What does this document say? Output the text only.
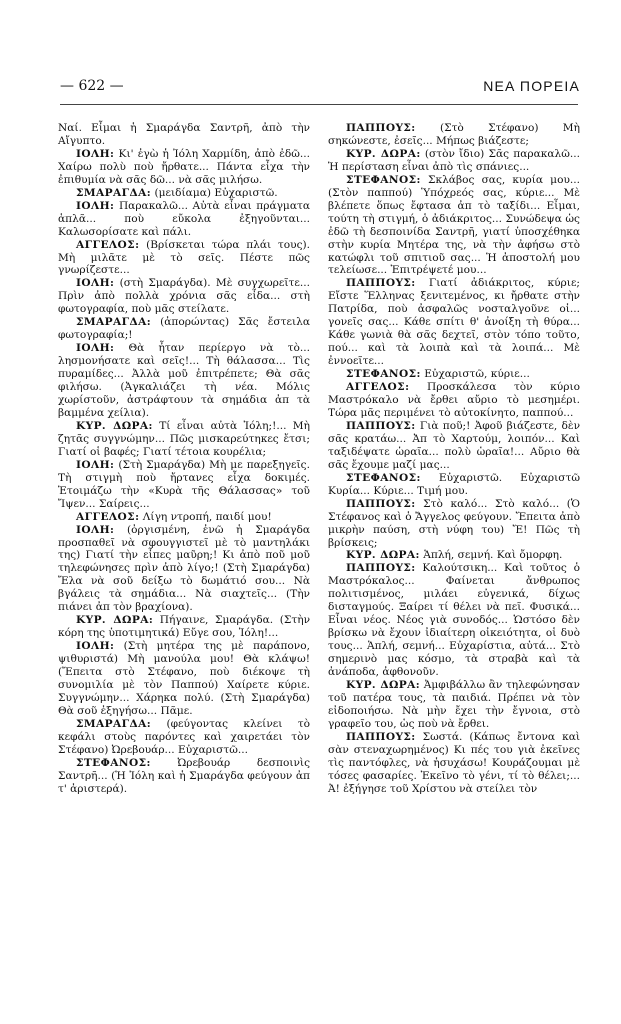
— 622 —	ΝΕΑ ΠΟΡΕΙΑ

Ναί. Εἶμαι ἡ Σμαράγδα Σαντρῆ, ἀπὸ τὴν Αἴγυπτο.

ΙΟΛΗ: Κι' ἐγὼ ἡ Ἰόλη Χαρμίδη, ἀπὸ ἐδῶ... Χαίρω πολὺ ποὺ ἤρθατε... Πάντα εἶχα τὴν ἐπιθυμία νὰ σᾶς δῶ... νὰ σᾶς μιλήσω.

ΣΜΑΡΑΓΔΑ: (μειδίαμα) Εὐχαριστῶ.

ΙΟΛΗ: Παρακαλῶ... Αὐτὰ εἶναι πράγματα ἁπλᾶ... ποὺ εὔκολα ἐξηγοῦνται... Καλωσορίσατε καὶ πάλι.

ΑΓΓΕΛΟΣ: (Βρίσκεται τώρα πλάι τους). Μὴ μιλᾶτε μὲ τὸ σεῖς. Πέστε πῶς γνωρίζεστε...

ΙΟΛΗ: (στὴ Σμαράγδα). Μὲ συγχωρεῖτε... Πρὶν ἀπὸ πολλὰ χρόνια σᾶς εἶδα... στὴ φωτογραφία, ποὺ μᾶς στείλατε.

ΣΜΑΡΑΓΔΑ: (ἀπορώντας) Σᾶς ἔστειλα φωτογραφία;!

ΙΟΛΗ: Θὰ ἦταν περίεργο νὰ τὸ... λησμονήσατε καὶ σεῖς!... Τὴ θάλασσα... Τὶς πυραμίδες... Ἀλλὰ μοῦ ἐπιτρέπετε; Θὰ σᾶς φιλήσω. (Ἀγκαλιάζει τὴ νέα. Μόλις χωρίστοῦν, ἀστράφτουν τὰ σημάδια ἀπ τὰ βαμμένα χείλια).

ΚΥΡ. ΔΩΡΑ: Τί εἶναι αὐτὰ Ἰόλη;!... Μὴ ζητᾶς συγγνώμην... Πῶς μισκαρεύτηκες ἔτσι; Γιατί οἱ βαφές; Γιατί τέτοια κουρέλια;

ΙΟΛΗ: (Στὴ Σμαράγδα) Μὴ με παρεξηγεῖς. Τὴ στιγμὴ ποὺ ἤρτανες εἶχα δοκιμές. Ἑτοιμάζω τὴν «Κυρὰ τῆς Θάλασσας» τοῦ Ἴψεν... Σαίρεις...

ΑΓΓΕΛΟΣ: Λίγη ντροπή, παιδί μου!

ΙΟΛΗ: (ὀργισμένη, ἐνῶ ἡ Σμαράγδα προσπαθεῖ νὰ σφουγγιστεῖ μὲ τὸ μαντηλάκι της) Γιατί τὴν εἶπες μαῦρη;! Κι ἀπὸ ποῦ μοῦ τηλεφώνησες πρὶν ἀπὸ λίγο;! (Στὴ Σμαράγδα) Ἔλα νὰ σοῦ δείξω τὸ δωμάτιό σου... Νὰ βγάλεις τὰ σημάδια... Νὰ σιαχτεῖς... (Τὴν πιάνει ἀπ τὸν βραχίονα).

ΚΥΡ. ΔΩΡΑ: Πήγαινε, Σμαράγδα. (Στὴν κόρη της ὑποτιμητικά) Εὔγε σου, Ἰόλη!...

ΙΟΛΗ: (Στὴ μητέρα της μὲ παράπονο, ψιθυριστά) Μὴ μανούλα μου! Θὰ κλάψω! (Ἔπειτα στὸ Στέφανο, ποὺ διέκοψε τὴ συνομιλία μὲ τὸν Παππού) Χαίρετε κύριε. Συγγνώμην... Χάρηκα πολύ. (Στὴ Σμαράγδα) Θὰ σοῦ ἐξηγήσω... Πᾶμε.

ΣΜΑΡΑΓΔΑ: (φεύγοντας κλείνει τὸ κεφάλι στοὺς παρόντες καὶ χαιρετάει τὸν Στέφανο) Ὠρεβουάρ... Εὐχαριστῶ...

ΣΤΕΦΑΝΟΣ:	Ὠρεβουάρ δεσποινὶς Σαντρῆ... (Ἡ Ἰόλη καὶ ἡ Σμαράγδα φεύγουν ἀπ τ' ἀριστερά).

ΠΑΠΠΟΥΣ: (Στὸ Στέφανο) Μὴ σηκώνεστε, ἐσεῖς... Μήπως βιάζεστε;

ΚΥΡ. ΔΩΡΑ: (στὸν ἴδιο) Σᾶς παρακαλῶ... Ἡ περίσταση εἶναι ἀπὸ τὶς σπάνιες...

ΣΤΕΦΑΝΟΣ: Σκλάβος σας, κυρία μου... (Στὸν παππού) Ὑπόχρεός σας, κύριε... Μὲ βλέπετε ὅπως ἔφτασα ἀπ τὸ ταξίδι... Εἶμαι, τούτη τὴ στιγμή, ὁ ἀδιάκριτος... Συνώδεψα ὡς ἐδῶ τὴ δεσποινίδα Σαντρῆ, γιατί ὑποσχέθηκα στὴν κυρία Μητέρα της, νὰ τὴν ἀφήσω στὸ κατώφλι τοῦ σπιτιοῦ σας... Ἡ ἀποστολή μου τελείωσε... Ἐπιτρέψετέ μου...

ΠΑΠΠΟΥΣ: Γιατί ἀδιάκριτος, κύριε; Εἴστε Ἕλληνας ξενιτεμένος, κι ἤρθατε στὴν Πατρίδα, ποὺ ἀσφαλῶς νοσταλγοῦνε οἱ... γονεῖς σας... Κάθε σπίτι θ' ἀνοίξη τὴ θύρα... Κάθε γωνιὰ θὰ σᾶς δεχτεῖ, στὸν τόπο τοῦτο, πού... καὶ τὰ λοιπὰ καὶ τὰ λοιπά... Μὲ ἐννοεῖτε...

ΣΤΕΦΑΝΟΣ: Εὐχαριστῶ, κύριε...

ΑΓΓΕΛΟΣ: Προσκάλεσα τὸν κύριο Μαστρόκαλο νὰ ἔρθει αὔριο τὸ μεσημέρι. Τώρα μᾶς περιμένει τὸ αὐτοκίνητο, παππού...

ΠΑΠΠΟΥΣ: Γιὰ ποῦ;! Ἀφοῦ βιάζεστε, δὲν σᾶς κρατάω... Ἀπ τὸ Χαρτούμ, λοιπόν... Καὶ ταξιδέψατε ὡραῖα... πολὺ ὡραῖα!... Αὔριο θὰ σᾶς ἔχουμε μαζί μας...

ΣΤΕΦΑΝΟΣ: Εὐχαριστῶ. Εὐχαριστῶ Κυρία... Κύριε... Τιμή μου.

ΠΑΠΠΟΥΣ: Στὸ καλό... Στὸ καλό... (Ὁ Στέφανος καὶ ὁ Ἄγγελος φεύγουν. Ἔπειτα ἀπὸ μικρὴν παύση, στὴ νύφη του) Ἔ! Πῶς τὴ βρίσκεις;

ΚΥΡ. ΔΩΡΑ: Ἁπλή, σεμνή. Καὶ ὄμορφη.

ΠΑΠΠΟΥΣ: Καλούτσικη... Καὶ τοῦτος ὁ Μαστρόκαλος... Φαίνεται ἄνθρωπος πολιτισμένος, μιλάει εὐγενικά, δίχως δισταγμούς. Ξαίρει τί θέλει νὰ πεῖ. Φυσικά... Εἶναι νέος. Νέος γιὰ συνοδός... Ὡστόσο δὲν βρίσκω νὰ ἔχουν ἰδιαίτερη οἰκειότητα, οἱ δυὸ τους... Ἁπλή, σεμνή... Εὐχαρίστια, αὐτά... Στὸ σημερινὸ μας κόσμο, τὰ στραβὰ καὶ τὰ ἀνάποδα, ἀφθονοῦν.

ΚΥΡ. ΔΩΡΑ: Ἀμφιβάλλω ἂν τηλεφώνησαν τοῦ πατέρα τους, τὰ παιδιά. Πρέπει νὰ τὸν εἰδοποιήσω. Νὰ μὴν ἔχει τὴν ἔγνοια, στὸ γραφεῖο του, ὡς ποὺ νὰ ἔρθει.

ΠΑΠΠΟΥΣ: Σωστά. (Κάπως ἔντονα καὶ σὰν στεναχωρημένος) Κι πές του γιὰ ἐκεῖνες τὶς παντόφλες, νὰ ἡσυχάσω! Κουράζουμαι μὲ τόσες φασαρίες. Ἐκεῖνο τὸ γένι, τί τὸ θέλει;... Ἀ! ἐξήγησε τοῦ Χρίστου νὰ στείλει τὸν
